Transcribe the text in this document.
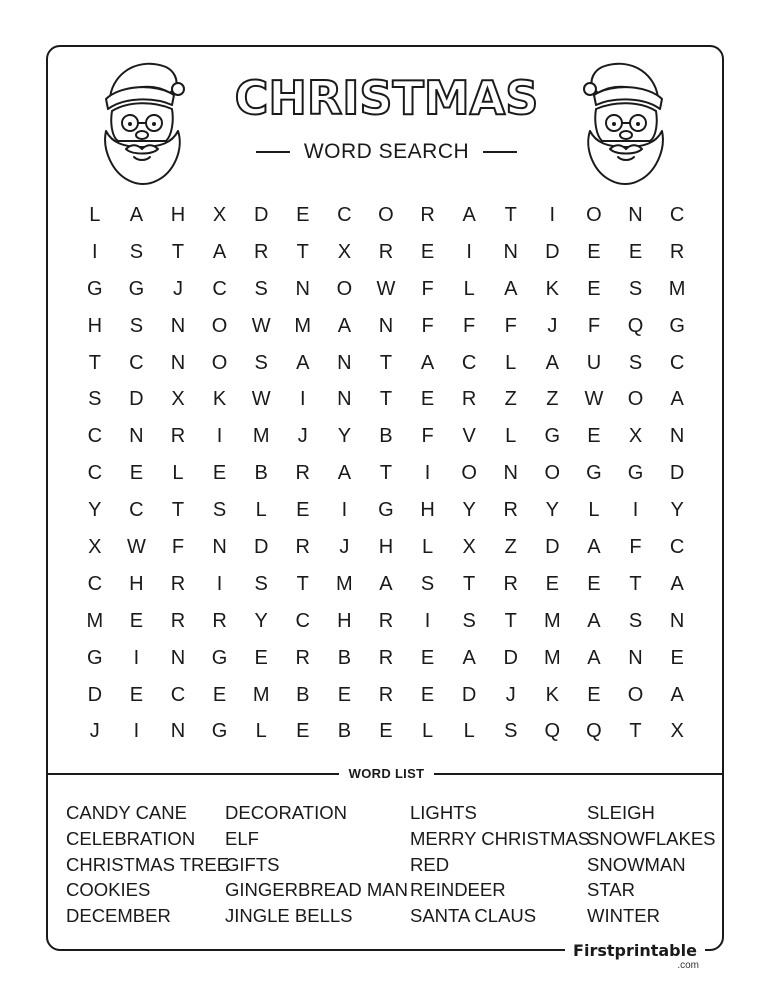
CHRISTMAS
WORD SEARCH
L	A	H	X	D	E	C	O	R	A	T	I	O	N	C
I	S	T	A	R	T	X	R	E	I	N	D	E	E	R
G	G	J	C	S	N	O	W	F	L	A	K	E	S	M
H	S	N	O	W	M	A	N	F	F	F	J	F	Q	G
T	C	N	O	S	A	N	T	A	C	L	A	U	S	C
S	D	X	K	W	I	N	T	E	R	Z	Z	W	O	A
C	N	R	I	M	J	Y	B	F	V	L	G	E	X	N
C	E	L	E	B	R	A	T	I	O	N	O	G	G	D
Y	C	T	S	L	E	I	G	H	Y	R	Y	L	I	Y
X	W	F	N	D	R	J	H	L	X	Z	D	A	F	C
C	H	R	I	S	T	M	A	S	T	R	E	E	T	A
M	E	R	R	Y	C	H	R	I	S	T	M	A	S	N
G	I	N	G	E	R	B	R	E	A	D	M	A	N	E
D	E	C	E	M	B	E	R	E	D	J	K	E	O	A
J	I	N	G	L	E	B	E	L	L	S	Q	Q	T	X
WORD LIST
CANDY CANE
CELEBRATION
CHRISTMAS TREE
COOKIES
DECEMBER
DECORATION
ELF
GIFTS
GINGERBREAD MAN
JINGLE BELLS
LIGHTS
MERRY CHRISTMAS
RED
REINDEER
SANTA CLAUS
SLEIGH
SNOWFLAKES
SNOWMAN
STAR
WINTER
Firstprintable
.com
